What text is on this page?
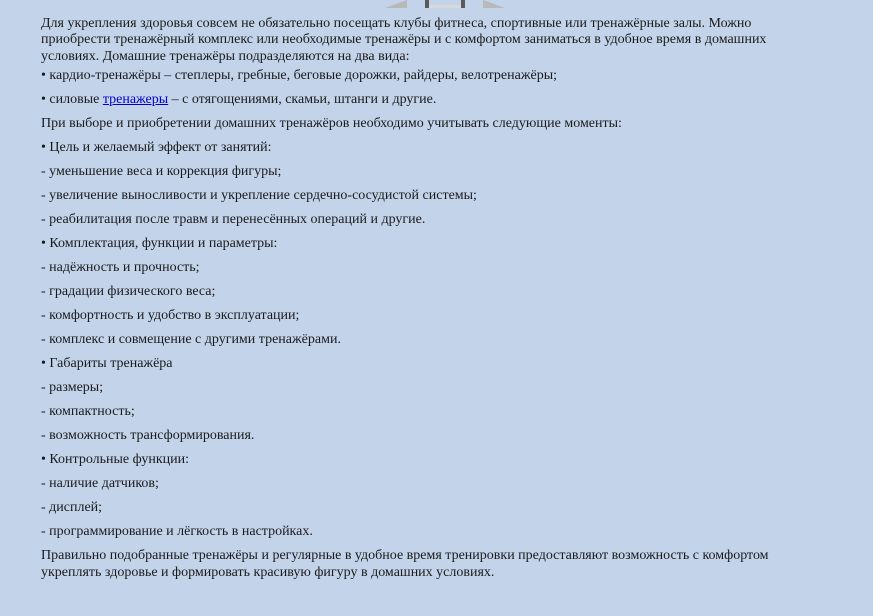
Для укрепления здоровья совсем не обязательно посещать клубы фитнеса, спортивные или тренажёрные залы. Можно приобрести тренажёрный комплекс или необходимые тренажёры и с комфортом заниматься в удобное время в домашних условиях. Домашние тренажёры подразделяются на два вида:

• кардио-тренажёры – степлеры, гребные, беговые дорожки, райдеры, велотренажёры;
• силовые тренажеры – с отягощениями, скамьи, штанги и другие.
При выборе и приобретении домашних тренажёров необходимо учитывать следующие моменты:
• Цель и желаемый эффект от занятий:
- уменьшение веса и коррекция фигуры;
- увеличение выносливости и укрепление сердечно-сосудистой системы;
- реабилитация после травм и перенесённых операций и другие.
• Комплектация, функции и параметры:
- надёжность и прочность;
- градации физического веса;
- комфортность и удобство в эксплуатации;
- комплекс и совмещение с другими тренажёрами.
• Габариты тренажёра
- размеры;
- компактность;
- возможность трансформирования.
• Контрольные функции:
- наличие датчиков;
- дисплей;
- программирование и лёгкость в настройках.

Правильно подобранные тренажёры и регулярные в удобное время тренировки предоставляют возможность с комфортом укреплять здоровье и формировать красивую фигуру в домашних условиях.
